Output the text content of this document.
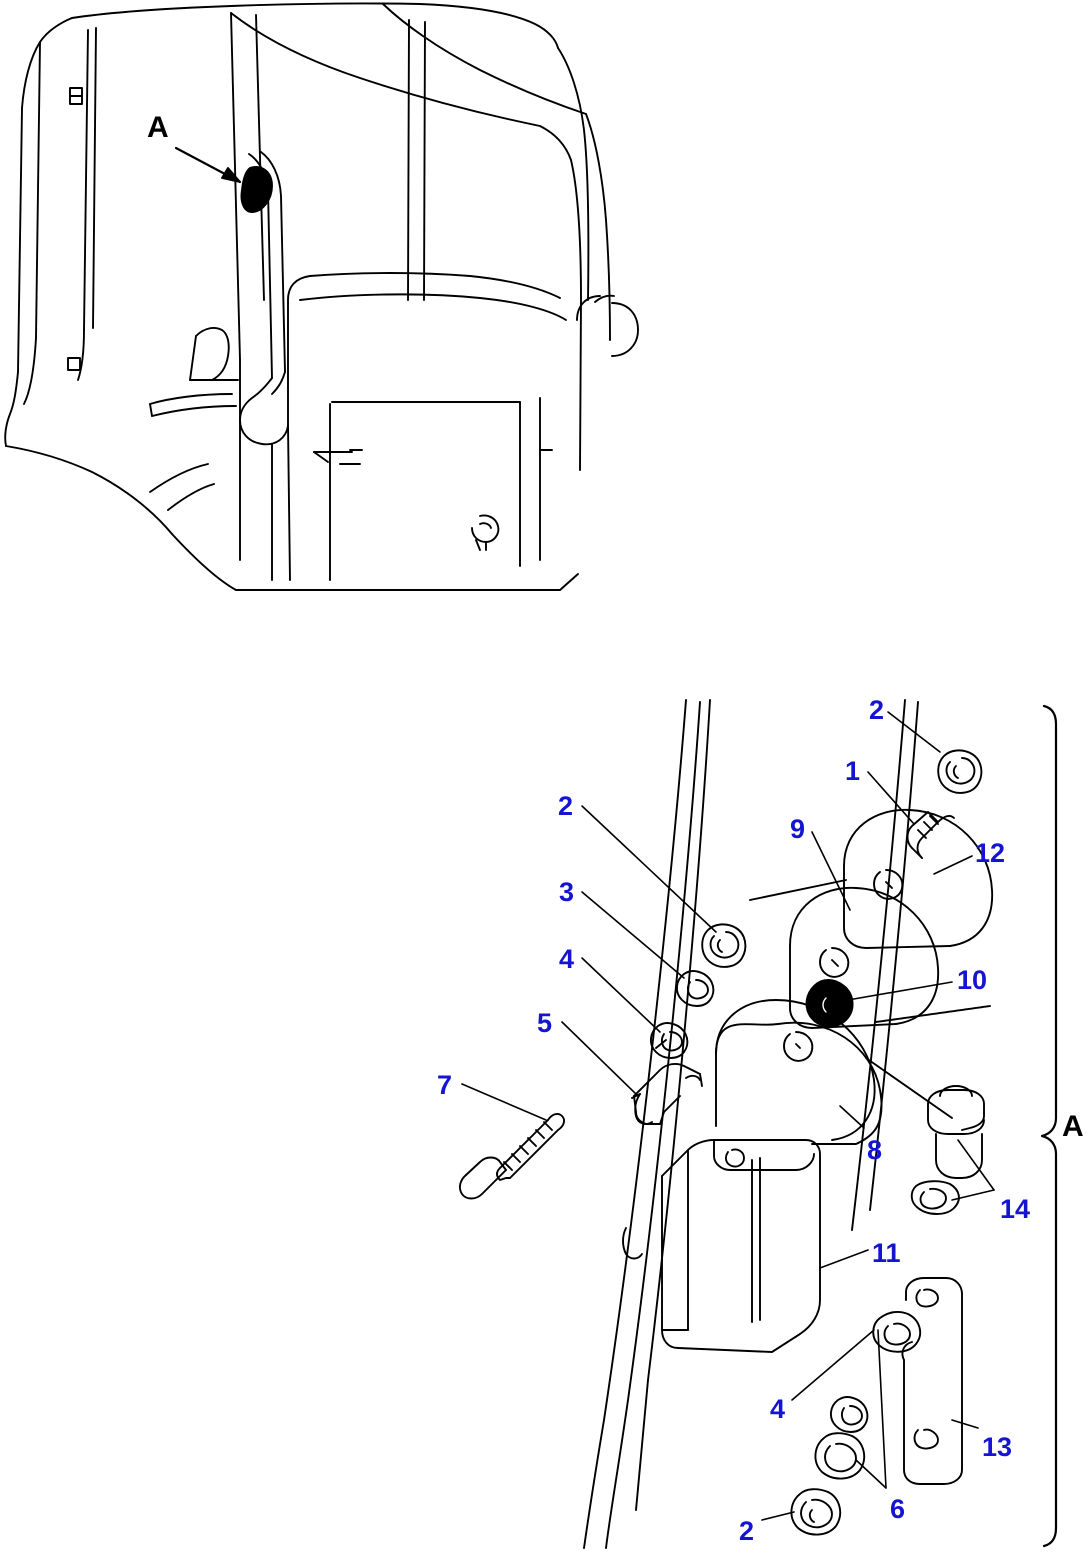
A
2
1
9
12
2
3
10
4
5
7
8
14
11
4
13
6
2
A
